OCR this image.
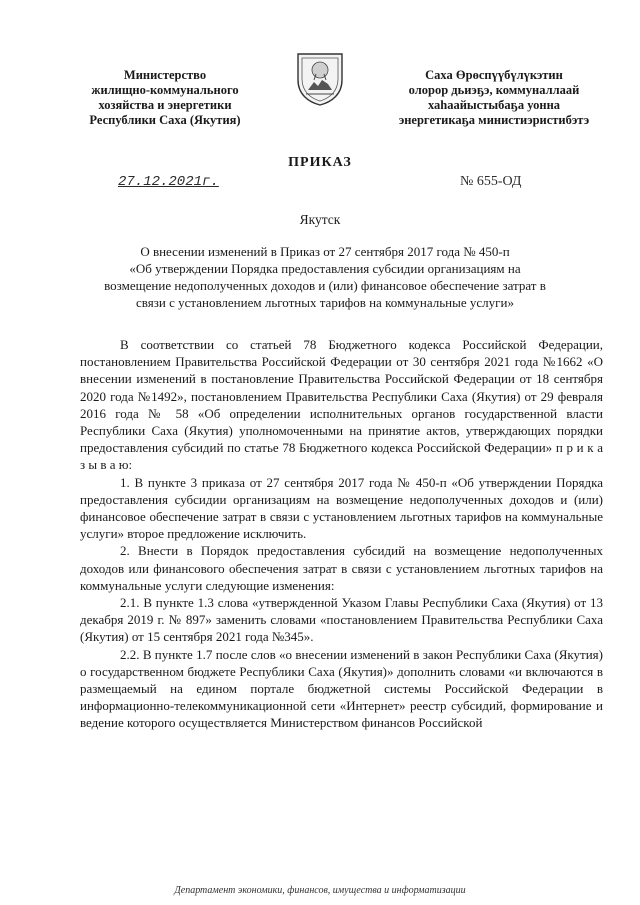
Министерство
жилищно-коммунального
хозяйства и энергетики
Республики Саха (Якутия)
Саха Өрөспүүбүлүкэтин
олорор дьиэҕэ, коммуналлаай
хаһаайыстыбаҕа уонна
энергетикаҕа министиэристибэтэ
ПРИКАЗ
27.12.2021г.	№ 655-ОД
Якутск
О внесении изменений в Приказ от 27 сентября 2017 года № 450-п
«Об утверждении Порядка предоставления субсидии организациям на
возмещение недополученных доходов и (или) финансовое обеспечение затрат в
связи с установлением льготных тарифов на коммунальные услуги»

В соответствии со статьей 78 Бюджетного кодекса Российской Федерации, постановлением Правительства Российской Федерации от 30 сентября 2021 года №1662 «О внесении изменений в постановление Правительства Российской Федерации от 18 сентября 2020 года №1492», постановлением Правительства Республики Саха (Якутия) от 29 февраля 2016 года № 58 «Об определении исполнительных органов государственной власти Республики Саха (Якутия) уполномоченными на принятие актов, утверждающих порядки предоставления субсидий по статье 78 Бюджетного кодекса Российской Федерации» п р и к а з ы в а ю:

1. В пункте 3 приказа от 27 сентября 2017 года № 450-п «Об утверждении Порядка предоставления субсидии организациям на возмещение недополученных доходов и (или) финансовое обеспечение затрат в связи с установлением льготных тарифов на коммунальные услуги» второе предложение исключить.

2. Внести в Порядок предоставления субсидий на возмещение недополученных доходов или финансового обеспечения затрат в связи с установлением льготных тарифов на коммунальные услуги следующие изменения:

2.1. В пункте 1.3 слова «утвержденной Указом Главы Республики Саха (Якутия) от 13 декабря 2019 г. № 897» заменить словами «постановлением Правительства Республики Саха (Якутия) от 15 сентября 2021 года №345».

2.2. В пункте 1.7 после слов «о внесении изменений в закон Республики Саха (Якутия) о государственном бюджете Республики Саха (Якутия)» дополнить словами «и включаются в размещаемый на едином портале бюджетной системы Российской Федерации в информационно-телекоммуникационной сети «Интернет» реестр субсидий, формирование и ведение которого осуществляется Министерством финансов Российской

Департамент экономики, финансов, имущества и информатизации
